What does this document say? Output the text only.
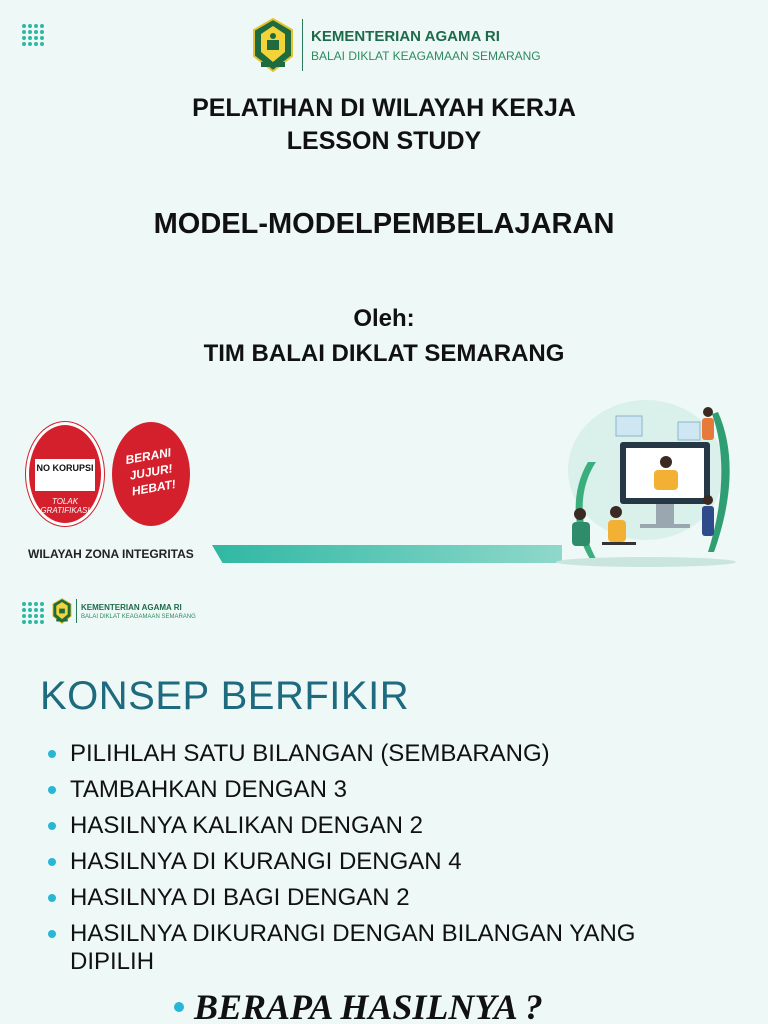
KEMENTERIAN AGAMA RI
BALAI DIKLAT KEAGAMAAN SEMARANG
PELATIHAN DI WILAYAH KERJA
LESSON STUDY
MODEL-MODELPEMBELAJARAN
Oleh:
TIM BALAI DIKLAT SEMARANG
NO KORUPSI
TOLAK GRATIFIKASI
BERANI
JUJUR!
HEBAT!
WILAYAH ZONA INTEGRITAS
KEMENTERIAN AGAMA RI
BALAI DIKLAT KEAGAMAAN SEMARANG
KONSEP BERFIKIR
PILIHLAH SATU BILANGAN (SEMBARANG)
TAMBAHKAN DENGAN 3
HASILNYA KALIKAN DENGAN 2
HASILNYA DI KURANGI DENGAN 4
HASILNYA DI BAGI DENGAN 2
HASILNYA DIKURANGI DENGAN BILANGAN YANG DIPILIH
BERAPA HASILNYA ?
